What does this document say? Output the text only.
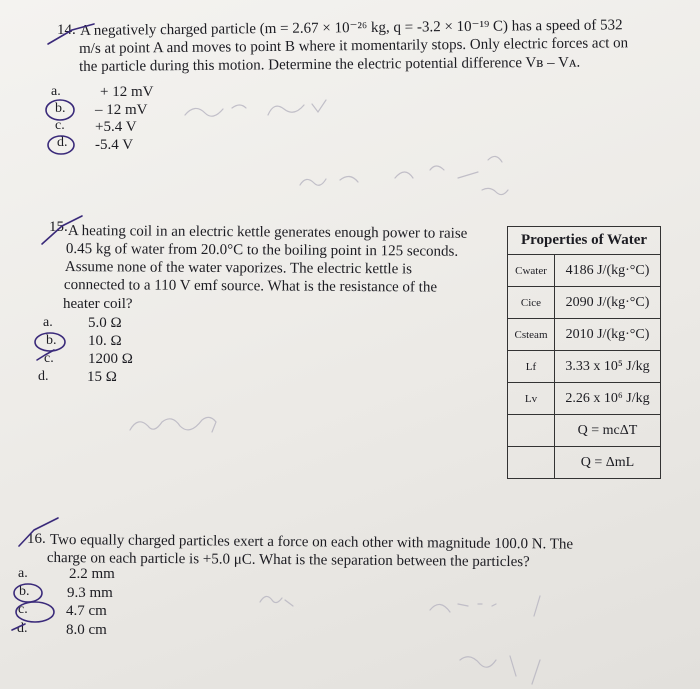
14. A negatively charged particle (m = 2.67 × 10⁻²⁶ kg, q = -3.2 × 10⁻¹⁹ C) has a speed of 532
m/s at point A and moves to point B where it momentarily stops. Only electric forces act on
the particle during this motion. Determine the electric potential difference Vʙ – Vᴀ.
a.	+ 12 mV
b. – 12 mV
c. +5.4 V
d. -5.4 V
15. A heating coil in an electric kettle generates enough power to raise
0.45 kg of water from 20.0°C to the boiling point in 125 seconds.
Assume none of the water vaporizes. The electric kettle is
connected to a 110 V emf source. What is the resistance of the
heater coil?
a. 5.0 Ω
b. 10. Ω
c. 1200 Ω
d.	15 Ω
Properties of Water	
Cwater	4186 J/(kg·°C)
Cice	2090 J/(kg·°C)
Csteam	2010 J/(kg·°C)
Lf	3.33 x 10⁵ J/kg
Lv	2.26 x 10⁶ J/kg
	Q = mcΔT
	Q = ΔmL
16. Two equally charged particles exert a force on each other with magnitude 100.0 N. The
charge on each particle is +5.0 μC. What is the separation between the particles?
a.	2.2 mm
b.	9.3 mm
c.	4.7 cm
d.	8.0 cm
